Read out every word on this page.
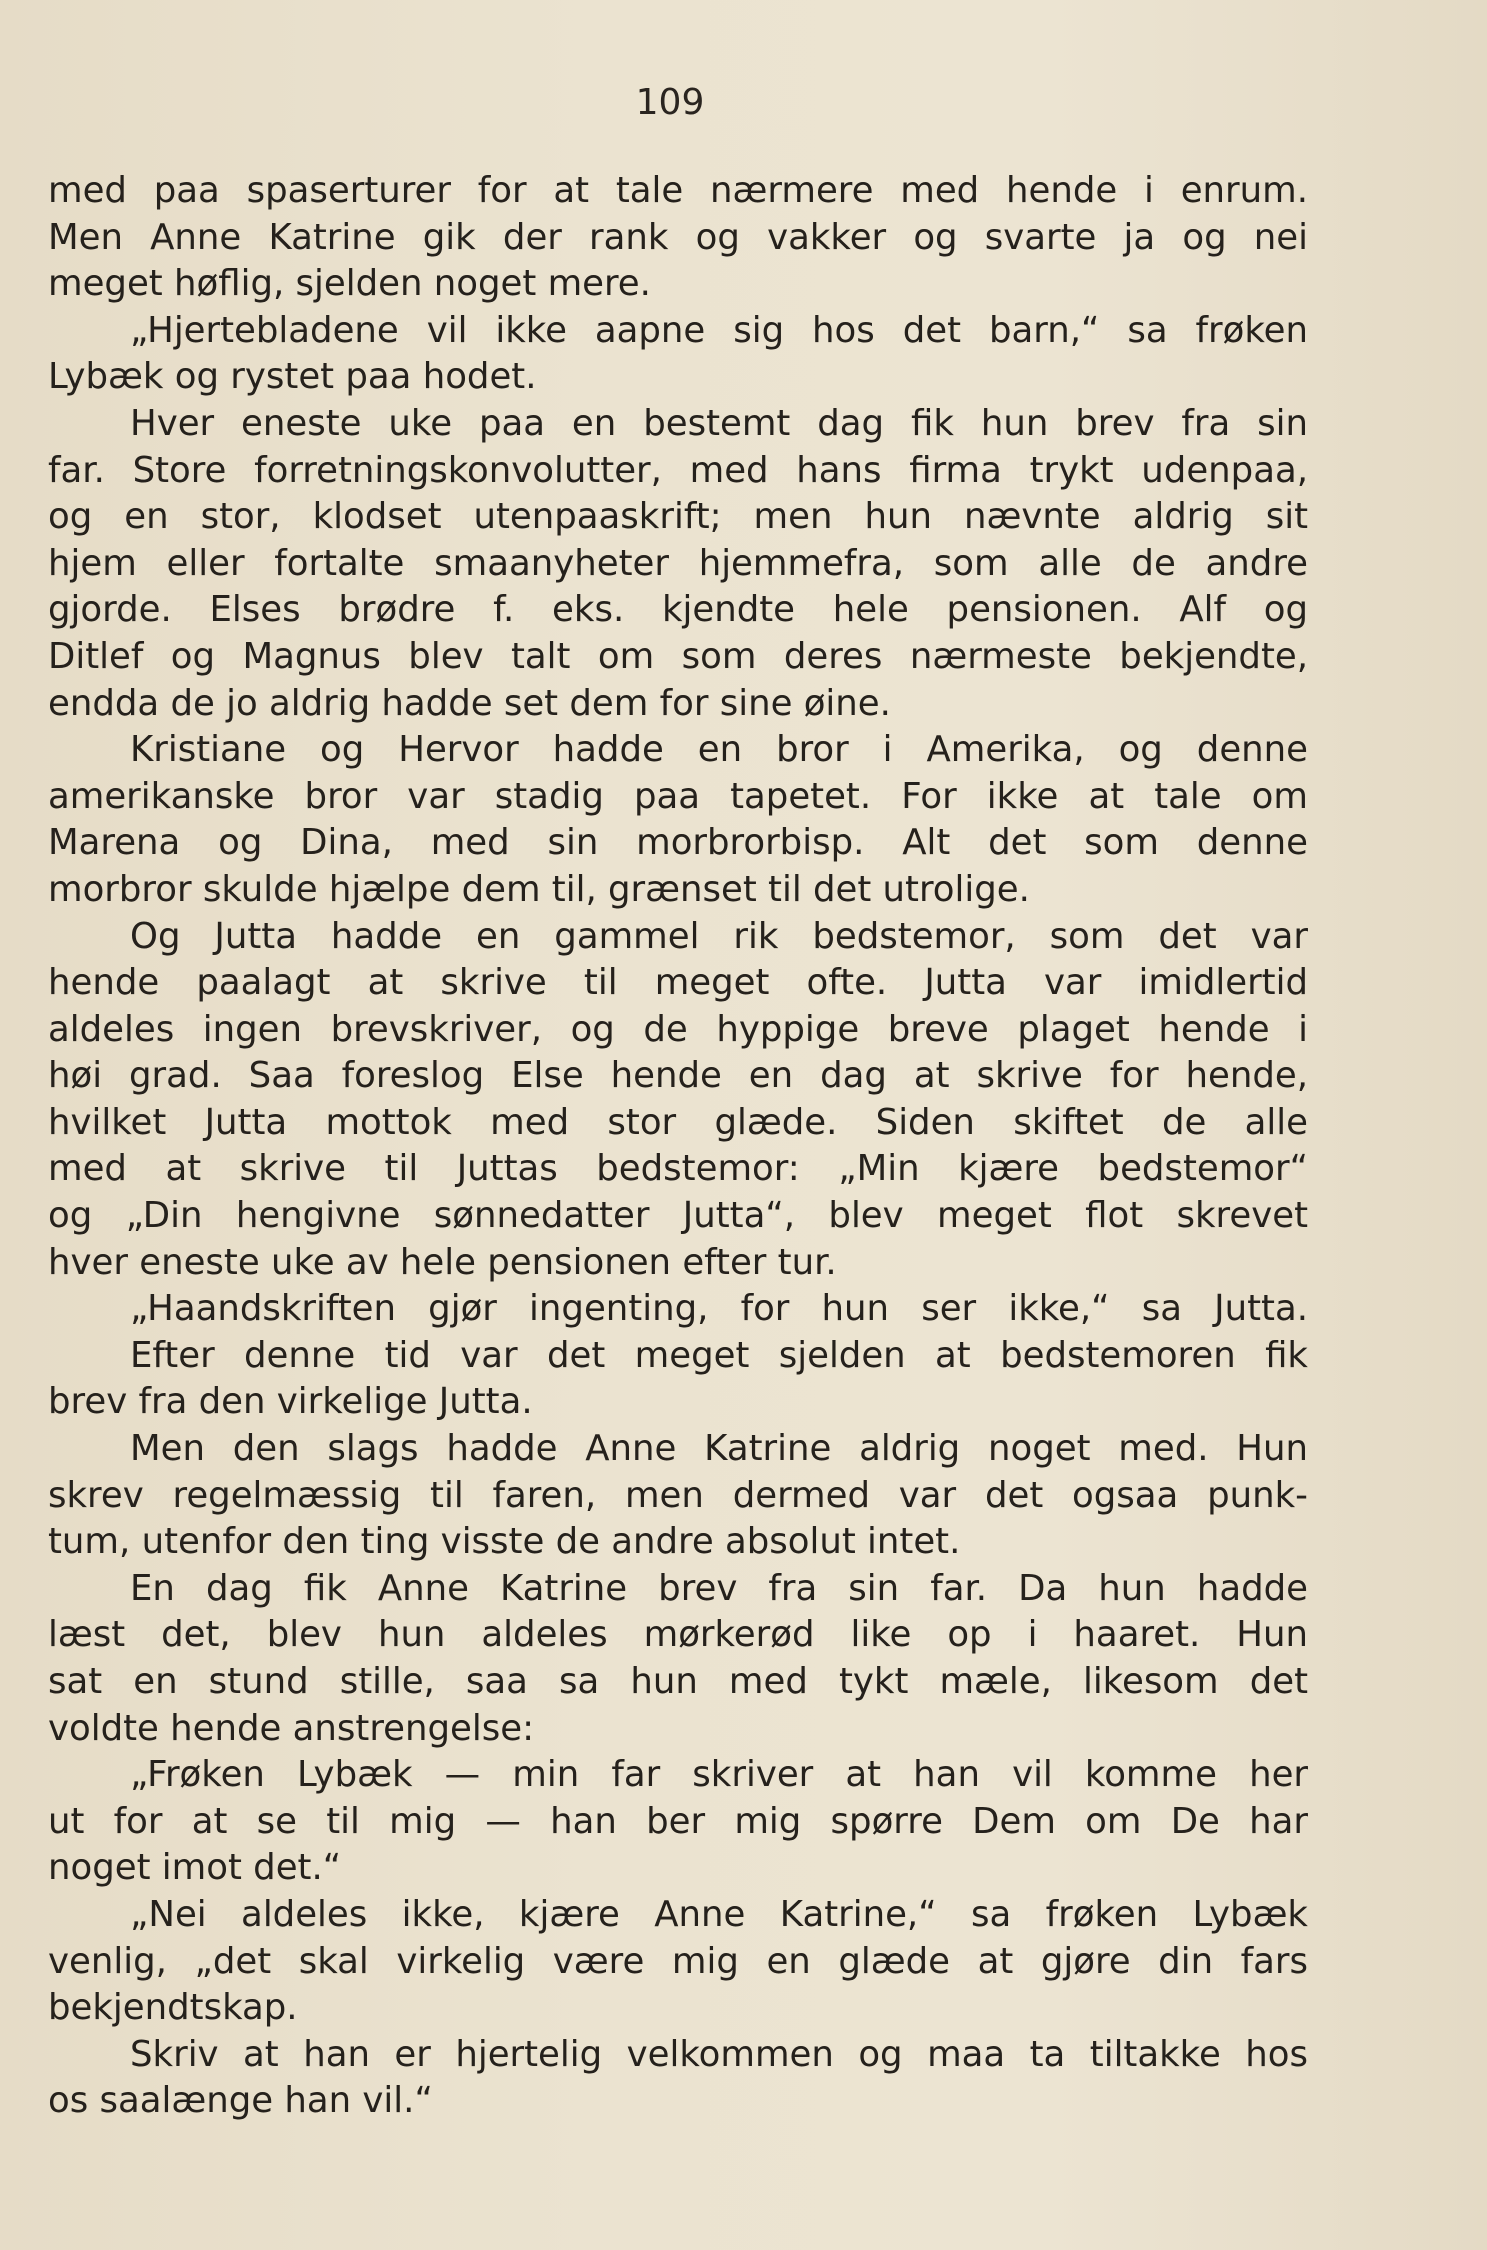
109
med paa spaserturer for at tale nærmere med hende i enrum.
Men Anne Katrine gik der rank og vakker og svarte ja og nei
meget høflig, sjelden noget mere.
„Hjertebladene vil ikke aapne sig hos det barn,“ sa frøken
Lybæk og rystet paa hodet.
Hver eneste uke paa en bestemt dag fik hun brev fra sin
far. Store forretningskonvolutter, med hans firma trykt udenpaa,
og en stor, klodset utenpaaskrift; men hun nævnte aldrig sit
hjem eller fortalte smaanyheter hjemmefra, som alle de andre
gjorde. Elses brødre f. eks. kjendte hele pensionen. Alf og
Ditlef og Magnus blev talt om som deres nærmeste bekjendte,
endda de jo aldrig hadde set dem for sine øine.
Kristiane og Hervor hadde en bror i Amerika, og denne
amerikanske bror var stadig paa tapetet. For ikke at tale om
Marena og Dina, med sin morbrorbisp. Alt det som denne
morbror skulde hjælpe dem til, grænset til det utrolige.
Og Jutta hadde en gammel rik bedstemor, som det var
hende paalagt at skrive til meget ofte. Jutta var imidlertid
aldeles ingen brevskriver, og de hyppige breve plaget hende i
høi grad. Saa foreslog Else hende en dag at skrive for hende,
hvilket Jutta mottok med stor glæde. Siden skiftet de alle
med at skrive til Juttas bedstemor: „Min kjære bedstemor“
og „Din hengivne sønnedatter Jutta“, blev meget flot skrevet
hver eneste uke av hele pensionen efter tur.
„Haandskriften gjør ingenting, for hun ser ikke,“ sa Jutta.
Efter denne tid var det meget sjelden at bedstemoren fik
brev fra den virkelige Jutta.
Men den slags hadde Anne Katrine aldrig noget med. Hun
skrev regelmæssig til faren, men dermed var det ogsaa punk-
tum, utenfor den ting visste de andre absolut intet.
En dag fik Anne Katrine brev fra sin far. Da hun hadde
læst det, blev hun aldeles mørkerød like op i haaret. Hun
sat en stund stille, saa sa hun med tykt mæle, likesom det
voldte hende anstrengelse:
„Frøken Lybæk — min far skriver at han vil komme her
ut for at se til mig — han ber mig spørre Dem om De har
noget imot det.“
„Nei aldeles ikke, kjære Anne Katrine,“ sa frøken Lybæk
venlig, „det skal virkelig være mig en glæde at gjøre din fars
bekjendtskap.
Skriv at han er hjertelig velkommen og maa ta tiltakke hos
os saalænge han vil.“
